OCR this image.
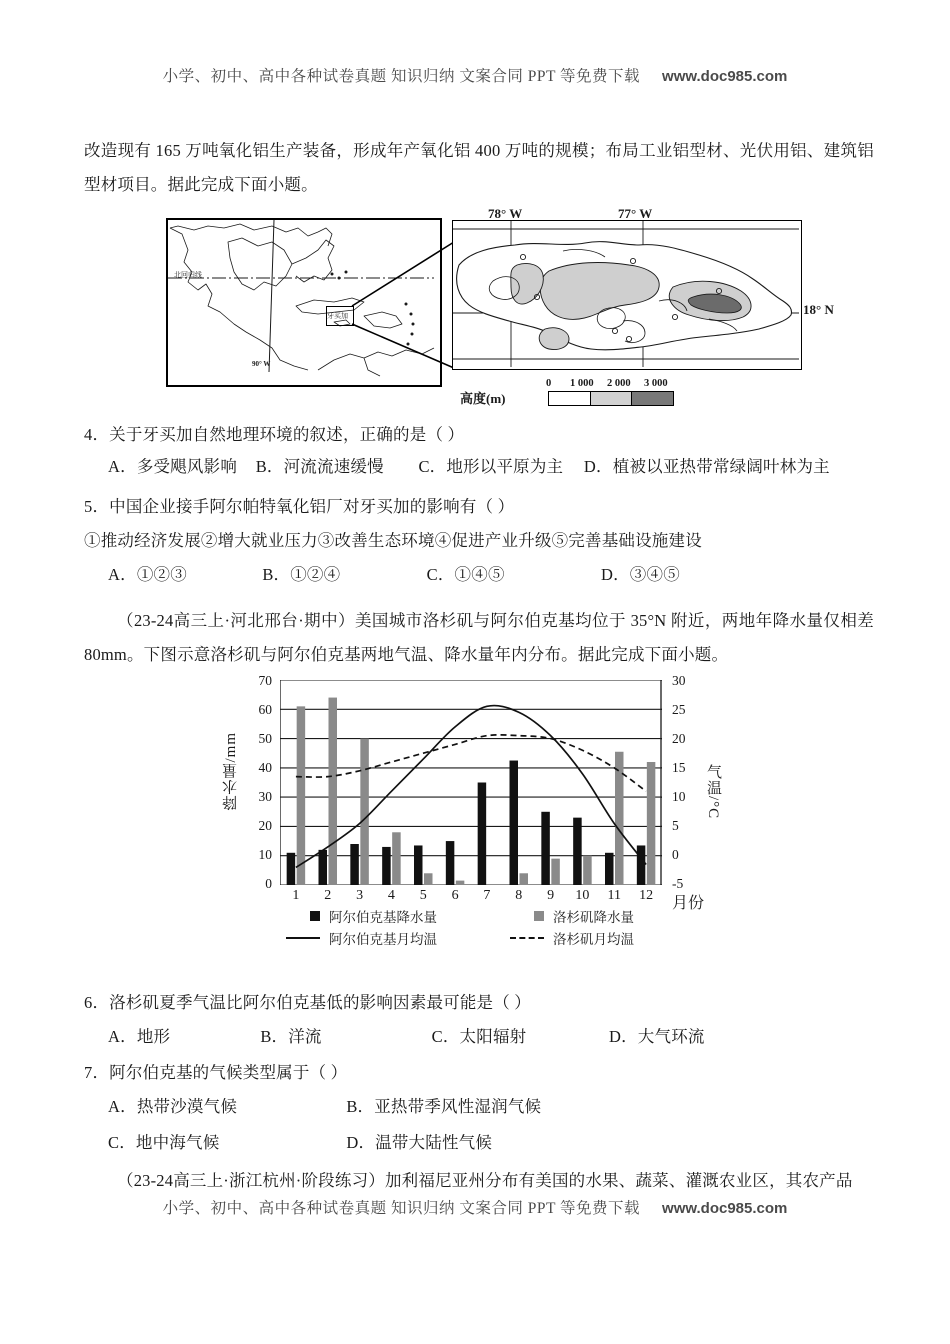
小学、初中、高中各种试卷真题 知识归纳 文案合同 PPT 等免费下载 www.doc985.com
改造现有 165 万吨氧化铝生产装备，形成年产氧化铝 400 万吨的规模；布局工业铝型材、光伏用铝、建筑铝型材项目。据此完成下面小题。
北回归线
90° W
牙买加
78° W	77° W
18° N
高度(m)
0 1 000 2 000 3 000
4．关于牙买加自然地理环境的叙述，正确的是（ ）
A．多受飓风影响 B．河流流速缓慢 C．地形以平原为主 D．植被以亚热带常绿阔叶林为主
5．中国企业接手阿尔帕特氧化铝厂对牙买加的影响有（ ）
①推动经济发展②增大就业压力③改善生态环境④促进产业升级⑤完善基础设施建设
A．①②③	B．①②④	C．①④⑤	D．③④⑤
（23-24高三上·河北邢台·期中）美国城市洛杉矶与阿尔伯克基均位于 35°N 附近，两地年降水量仅相差 80mm。下图示意洛杉矶与阿尔伯克基两地气温、降水量年内分布。据此完成下面小题。
降水量/mm	气温/°C
月份
70
60
50
40
30
20
10
0
30
25
20
15
10
5
0
-5
1	2	3	4	5	6	7	8	9	10	11	12
阿尔伯克基降水量	洛杉矶降水量
阿尔伯克基月均温	洛杉矶月均温
6．洛杉矶夏季气温比阿尔伯克基低的影响因素最可能是（ ）
A．地形	B．洋流	C．太阳辐射	D．大气环流
7．阿尔伯克基的气候类型属于（ ）
A．热带沙漠气候	B．亚热带季风性湿润气候
C．地中海气候	D．温带大陆性气候
（23-24高三上·浙江杭州·阶段练习）加利福尼亚州分布有美国的水果、蔬菜、灌溉农业区，其农产品
小学、初中、高中各种试卷真题 知识归纳 文案合同 PPT 等免费下载 www.doc985.com
